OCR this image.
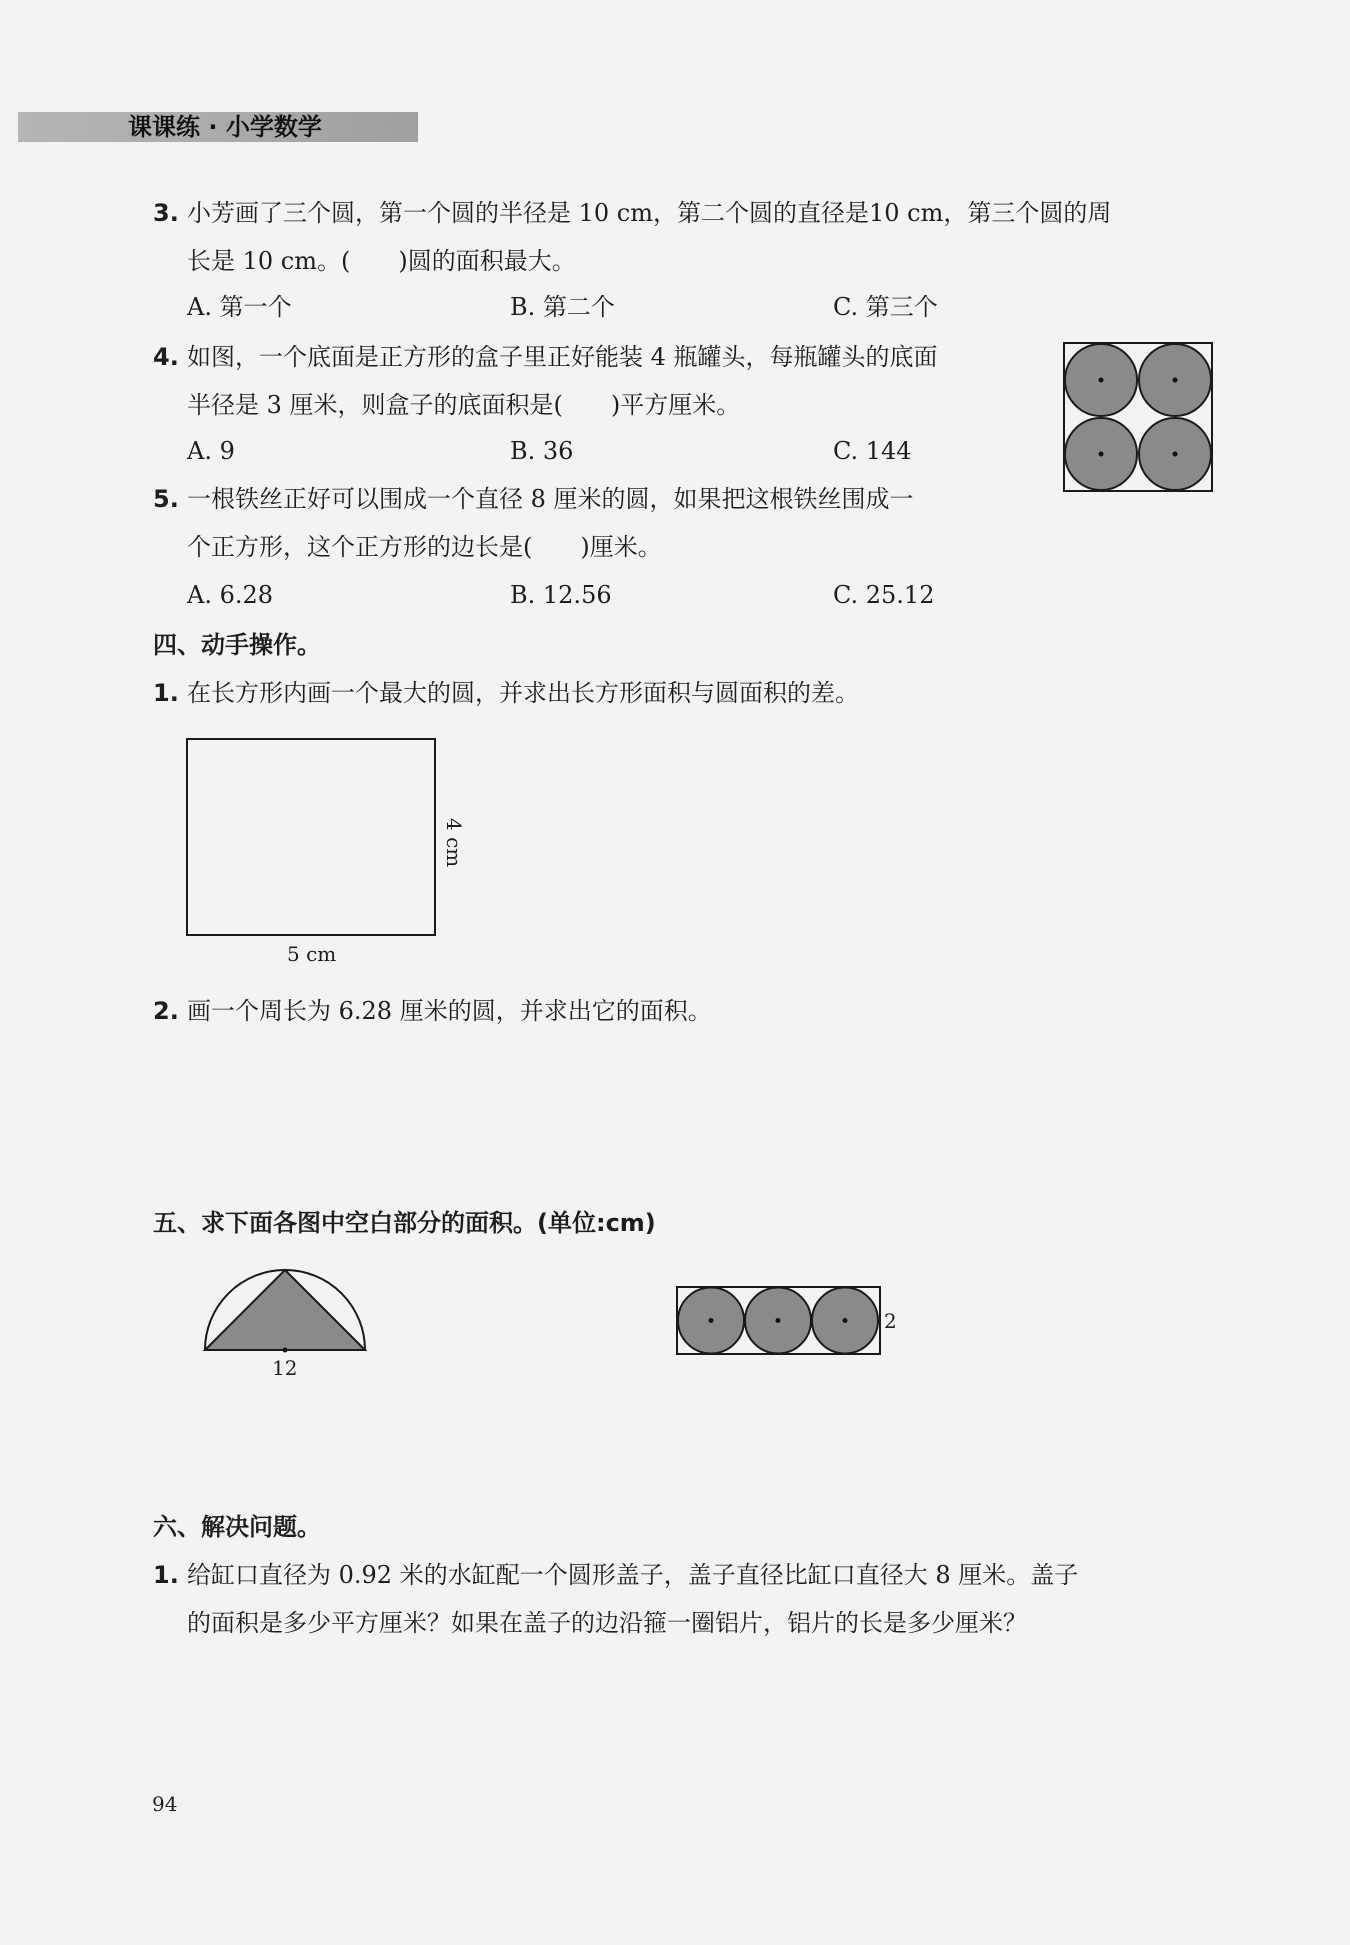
课课练 · 小学数学
3. 小芳画了三个圆，第一个圆的半径是 10 cm，第二个圆的直径是10 cm，第三个圆的周
长是 10 cm。(　　)圆的面积最大。
A. 第一个	B. 第二个	C. 第三个
4. 如图，一个底面是正方形的盒子里正好能装 4 瓶罐头，每瓶罐头的底面
半径是 3 厘米，则盒子的底面积是(　　)平方厘米。
A. 9	B. 36	C. 144
5. 一根铁丝正好可以围成一个直径 8 厘米的圆，如果把这根铁丝围成一
个正方形，这个正方形的边长是(　　)厘米。
A. 6.28	B. 12.56	C. 25.12
四、动手操作。
1. 在长方形内画一个最大的圆，并求出长方形面积与圆面积的差。
5 cm
4 cm
2. 画一个周长为 6.28 厘米的圆，并求出它的面积。
五、求下面各图中空白部分的面积。(单位:cm)
12
2
六、解决问题。
1. 给缸口直径为 0.92 米的水缸配一个圆形盖子，盖子直径比缸口直径大 8 厘米。盖子
的面积是多少平方厘米？如果在盖子的边沿箍一圈铝片，铝片的长是多少厘米？
94
